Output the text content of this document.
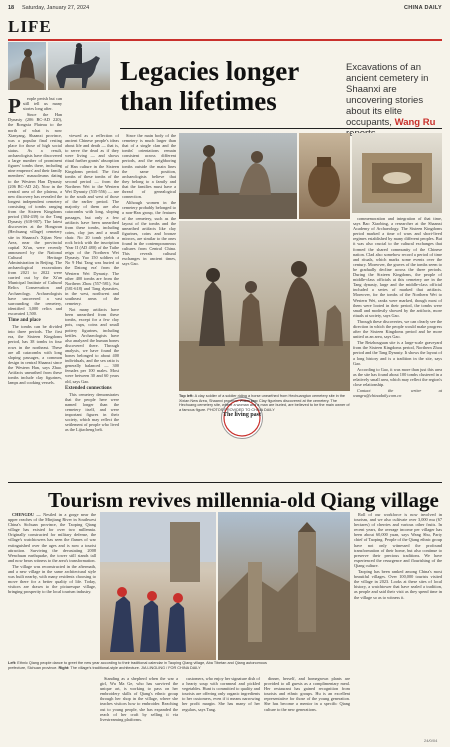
18 Saturday, January 27, 2024	CHINA DAILY
LIFE
Legacies longer than lifetimes
Excavations of an ancient cemetery in Shaanxi are uncovering stories about its elite occupants, Wang Ru
P	eople perish but can still tell us many stories long after.

Since the Han Dynasty (206 BC-AD 220), the Rongxia Plateau to the north of what is now Xianyang, Shaanxi province, was a popular final resting place for those of high social status. As a result, archaeologists have discovered a large number of prominent figures' tombs there, including nine emperors' and their family members' mausoleums dating to the Western Han Dynasty (206 BC-AD 24). Now in the central area of the plateau, a new discovery has revealed the longest independent cemetery consisting of tombs ranging from the Sixteen Kingdoms period (304-439) to the Tang Dynasty (618-907). The latest discoveries at the Hongwan (Hechuang village) cemetery site in Shaanxi's Xijian New Area, near the provincial capital Xi'an, were recently announced by the National Cultural Heritage Administration in Beijing. The archaeological excavations from 2021 to 2022 were carried out by the Xi'an Municipal Institute of Cultural Relics Conservation and Archaeology. Archaeologists have uncovered a vast surrounding the cemetery, identified 3,000 relics and excavated 1,500.

Time and place

The tombs can be divided into three periods. The first era, the Sixteen Kingdoms period, has 38 tombs in four rows in the northeast. These are all catacombs with long sloping passages, a common design in central Shaanxi since the Western Han, says Zhao. Artifacts unearthed from these tombs include clay figurines, lamps and cooking vessels.

viewed as a reflection of ancient Chinese people's ideas about life and death — that is, to serve the dead as if they were living — and shows ritual further grants' absorption of Han culture in the Sixteen Kingdoms period. The first tombs of these tombs of the second period — from the Northern Wei to the Western Wei Dynasty (535-556) — are to the south and west of those of the earlier period. The majority of them are also catacombs with long, sloping passages, but only a few artifacts have been unearthed from these tombs, including coins, clay jars and a small chair. No 20 tomb yields a rock brick with the inscription 'Year II (AD 480) of the Taihe reign of the Northern Wei Dynasty. Yao 150 soldiers of No 9 Hui Tang was buried at the Datong era' from the Western Wei Dynasty. The other 400 tombs are from the Northern Zhou (557-581), Sui (581-618) and Tang dynasties, in the west, northwest and southeast areas of the cemetery.

Not many artifacts have been unearthed from these tombs, except for a few clay pots, cups, coins and small pottery figurines, including kettles. Archaeologists have also analyzed the human bones discovered there. Through analysis, we have found the bones belonged to about 400 individuals, and the sex ratio is generally balanced — 300 females per 100 males. Most were between 30 and 60 years old, says Gao.

Extended connections

This cemetery demonstrates that the people here were named longer than the cemetery itself, and were important figures in their society, which may reflect the settlement of people who lived as the Lijiacheng belt.

Since the main body of the cemetery is much larger than that of a single clan and the tombs' orientations remain consistent across different periods, and the neighboring tombs outside the main lines the same position, archaeologists believe that they belong to a family and that the families must have a thread of genealogical connection.

Although women in the cemetery probably belonged to a non-Han group, the features of the cemetery, such as the layout of the tombs and the unearthed artifacts like clay figurines, coins and bronze mirrors, are similar to the ones found in the contemporaneous cultures from Central China. This reveals cultural exchanges in ancient times, says Gao.

The living past

commemoration and integration of that time, says Bao Xiaobing, a researcher at the Shaanxi Academy of Archaeology. The Sixteen Kingdoms period marked a time of wars and short-lived regimes established by many different peoples. But it was also crucial to the cultural exchanges that formed the shared community of the Chinese nation. Clad also somehow record a period of time and rituals, which marks some events over the century. Moreover, the graves of the tombs seem to be gradually decline across the three periods. During the Sixteen Kingdoms, the people of middle-class officials at this cemetery are in the Tang dynasty, large and the middle-class official included a series of marked that artifacts. Moreover, for the tombs of the Northern Wei to Western Wei, ranks were marked, though most of them were looted in their period, the tombs were small and modestly showed by the artifacts, more rituals at society, says Gao.

Through these discoveries, we can clearly see the direction in which the people would make progress after the Sixteen Kingdoms period and be more united as an area, says Gao.

The Beizhouguan site is a large-scale graveyard from the Sixteen Kingdoms period, Northern Zhou period and the Tang Dynasty. It shows the layout of a long history and is a tradition in the site, says Gao.

According to Gao, it was more than just this area as the site has found about 100 tombs clustered in a relatively small area, which may reflect the region's close relationship.

Contact the writer at wangru@chinadaily.com.cn

Top left: A clay soldier of a soldier riding a horse unearthed from Hechuangtun cemetery site in the Xixian New Area, Shaanxi province. From top: Clay figurines discovered at the cemetery. The Hechuang cemetery site, where a woman and a man are buried, are believed to be the main owner of a famous figure. PHOTOS PROVIDED TO CHINA DAILY
Tourism revives millennia-old Qiang village

CHENGDU — Nestled in a gorge near the upper reaches of the Minjiang River in Southwest China's Sichuan province, the Taoping Qiang village has existed for over two millennia. Originally constructed for military defense, the village's watchtowers has seen the flames of war extinguished over the ages and is now a tourist attraction. Surviving the devastating 2008 Wenchuan earthquake, the tower still stands tall and now bears witness to the area's transformation.

The village was reconstructed in the aftermath, and a new village in the same architectural style was built nearby, with many residents choosing to move there for a better quality of life. Today, visitors are drawn to the picturesque village, bringing prosperity to the local tourism industry.

Roll of our workforce is now involved in tourism, and we also cultivate over 3,000 mu (67 hectares) of cherries and various other fruits. In recent years, the average income per villager has been about 60,000 yuan, says Wang Shu, Party chief of Taoping. People of the Qiang ethnic group have not only witnessed the profound transformation of their home, but also continue to preserve their precious traditions. We have experienced the resurgence and flourishing of the Qiang culture.

Taoping has been ranked among China's most beautiful villages. Over 100,000 tourists visited the village in 2023. Looks at these sites of local history, a watchtower that have sealed a tradition, as people and said their visit as they spend time in the village so as to witness it.

Left: Ethnic Qiang people dance to greet the new year according to their traditional calendar in Taoping Qiang village, Aba Tibetan and Qiang autonomous prefecture, Sichuan province. Right: The village's traditional-style architecture. JIA LINGLING / FOR CHINA DAILY

Standing as a shepherd when the war a girl, Wu Ma Ge, who has survived the unique art, is working to pass on her embroidery skills of Qiang's ethnic group through her shop in the village, where she teaches visitors how to embroider. Reaching out to young people, she has expanded the reach of her craft by selling it via livestreaming platforms.

customers, who enjoy her signature dish of a hearty soup with cornmeal and pickled vegetables. Hunt is committed to quality and tourists are offering only organic ingredients to her customers, even if it means narrowing her profit margin. She has many of her regulars, says Tang.

dinner, herself, and homegrown plants are provided to all guests as a complimentary meal. Her restaurant has gained recognition from tourists and ethnic groups. Hu is an excellent representative for those of the young generation. She has become a mentor in a specific Qiang culture to the new generations.

24/0/04
